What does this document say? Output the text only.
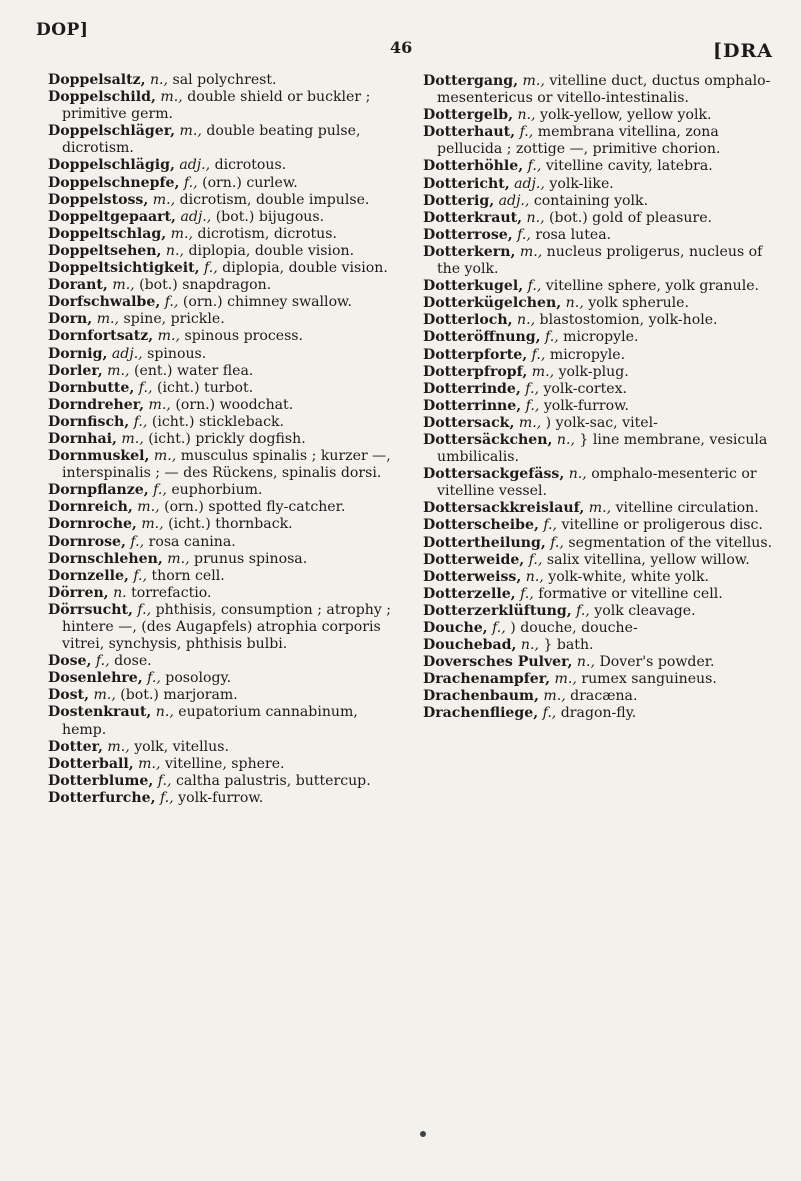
DOP]
46	[DRA

Doppelsaltz, n., sal polychrest.

Doppelschild, m., double shield or buckler ; primitive germ.

Doppelschläger, m., double beating pulse, dicrotism.

Doppelschlägig, adj., dicrotous.

Doppelschnepfe, f., (orn.) curlew.

Doppelstoss, m., dicrotism, double impulse.

Doppeltgepaart, adj., (bot.) bijugous.

Doppeltschlag, m., dicrotism, dicrotus.

Doppeltsehen, n., diplopia, double vision.

Doppeltsichtigkeit, f., diplopia, double vision.

Dorant, m., (bot.) snapdragon.

Dorfschwalbe, f., (orn.) chimney swallow.

Dorn, m., spine, prickle.

Dornfortsatz, m., spinous process.

Dornig, adj., spinous.

Dorler, m., (ent.) water flea.

Dornbutte, f., (icht.) turbot.

Dorndreher, m., (orn.) woodchat.

Dornfisch, f., (icht.) stickleback.

Dornhai, m., (icht.) prickly dogfish.

Dornmuskel, m., musculus spinalis ; kurzer —, interspinalis ; — des Rückens, spinalis dorsi.

Dornpflanze, f., euphorbium.

Dornreich, m., (orn.) spotted fly-catcher.

Dornroche, m., (icht.) thornback.

Dornrose, f., rosa canina.

Dornschlehen, m., prunus spinosa.

Dornzelle, f., thorn cell.

Dörren, n. torrefactio.

Dörrsucht, f., phthisis, consumption ; atrophy ; hintere —, (des Augapfels) atrophia corporis vitrei, synchysis, phthisis bulbi.

Dose, f., dose.

Dosenlehre, f., posology.

Dost, m., (bot.) marjoram.

Dostenkraut, n., eupatorium cannabinum, hemp.

Dotter, m., yolk, vitellus.

Dotterball, m., vitelline, sphere.

Dotterblume, f., caltha palustris, buttercup.

Dotterfurche, f., yolk-furrow.

Dottergang, m., vitelline duct, ductus omphalo-mesentericus or vitello-intestinalis.

Dottergelb, n., yolk-yellow, yellow yolk.

Dotterhaut, f., membrana vitellina, zona pellucida ; zottige —, primitive chorion.

Dotterhöhle, f., vitelline cavity, latebra.

Dottericht, adj., yolk-like.

Dotterig, adj., containing yolk.

Dotterkraut, n., (bot.) gold of pleasure.

Dotterrose, f., rosa lutea.

Dotterkern, m., nucleus proligerus, nucleus of the yolk.

Dotterkugel, f., vitelline sphere, yolk granule.

Dotterkügelchen, n., yolk spherule.

Dotterloch, n., blastostomion, yolk-hole.

Dotteröffnung, f., micropyle.

Dotterpforte, f., micropyle.

Dotterpfropf, m., yolk-plug.

Dotterrinde, f., yolk-cortex.

Dotterrinne, f., yolk-furrow.

Dottersack, m., ) yolk-sac, vitel-

Dottersäckchen, n., } line membrane, vesicula umbilicalis.

Dottersackgefäss, n., omphalo-mesenteric or vitelline vessel.

Dottersackkreislauf, m., vitelline circulation.

Dotterscheibe, f., vitelline or proligerous disc.

Dottertheilung, f., segmentation of the vitellus.

Dotterweide, f., salix vitellina, yellow willow.

Dotterweiss, n., yolk-white, white yolk.

Dotterzelle, f., formative or vitelline cell.

Dotterzerklüftung, f., yolk cleavage.

Douche, f., ) douche, douche-

Douchebad, n., } bath.

Doversches Pulver, n., Dover's powder.

Drachenampfer, m., rumex sanguineus.

Drachenbaum, m., dracæna.

Drachenfliege, f., dragon-fly.
